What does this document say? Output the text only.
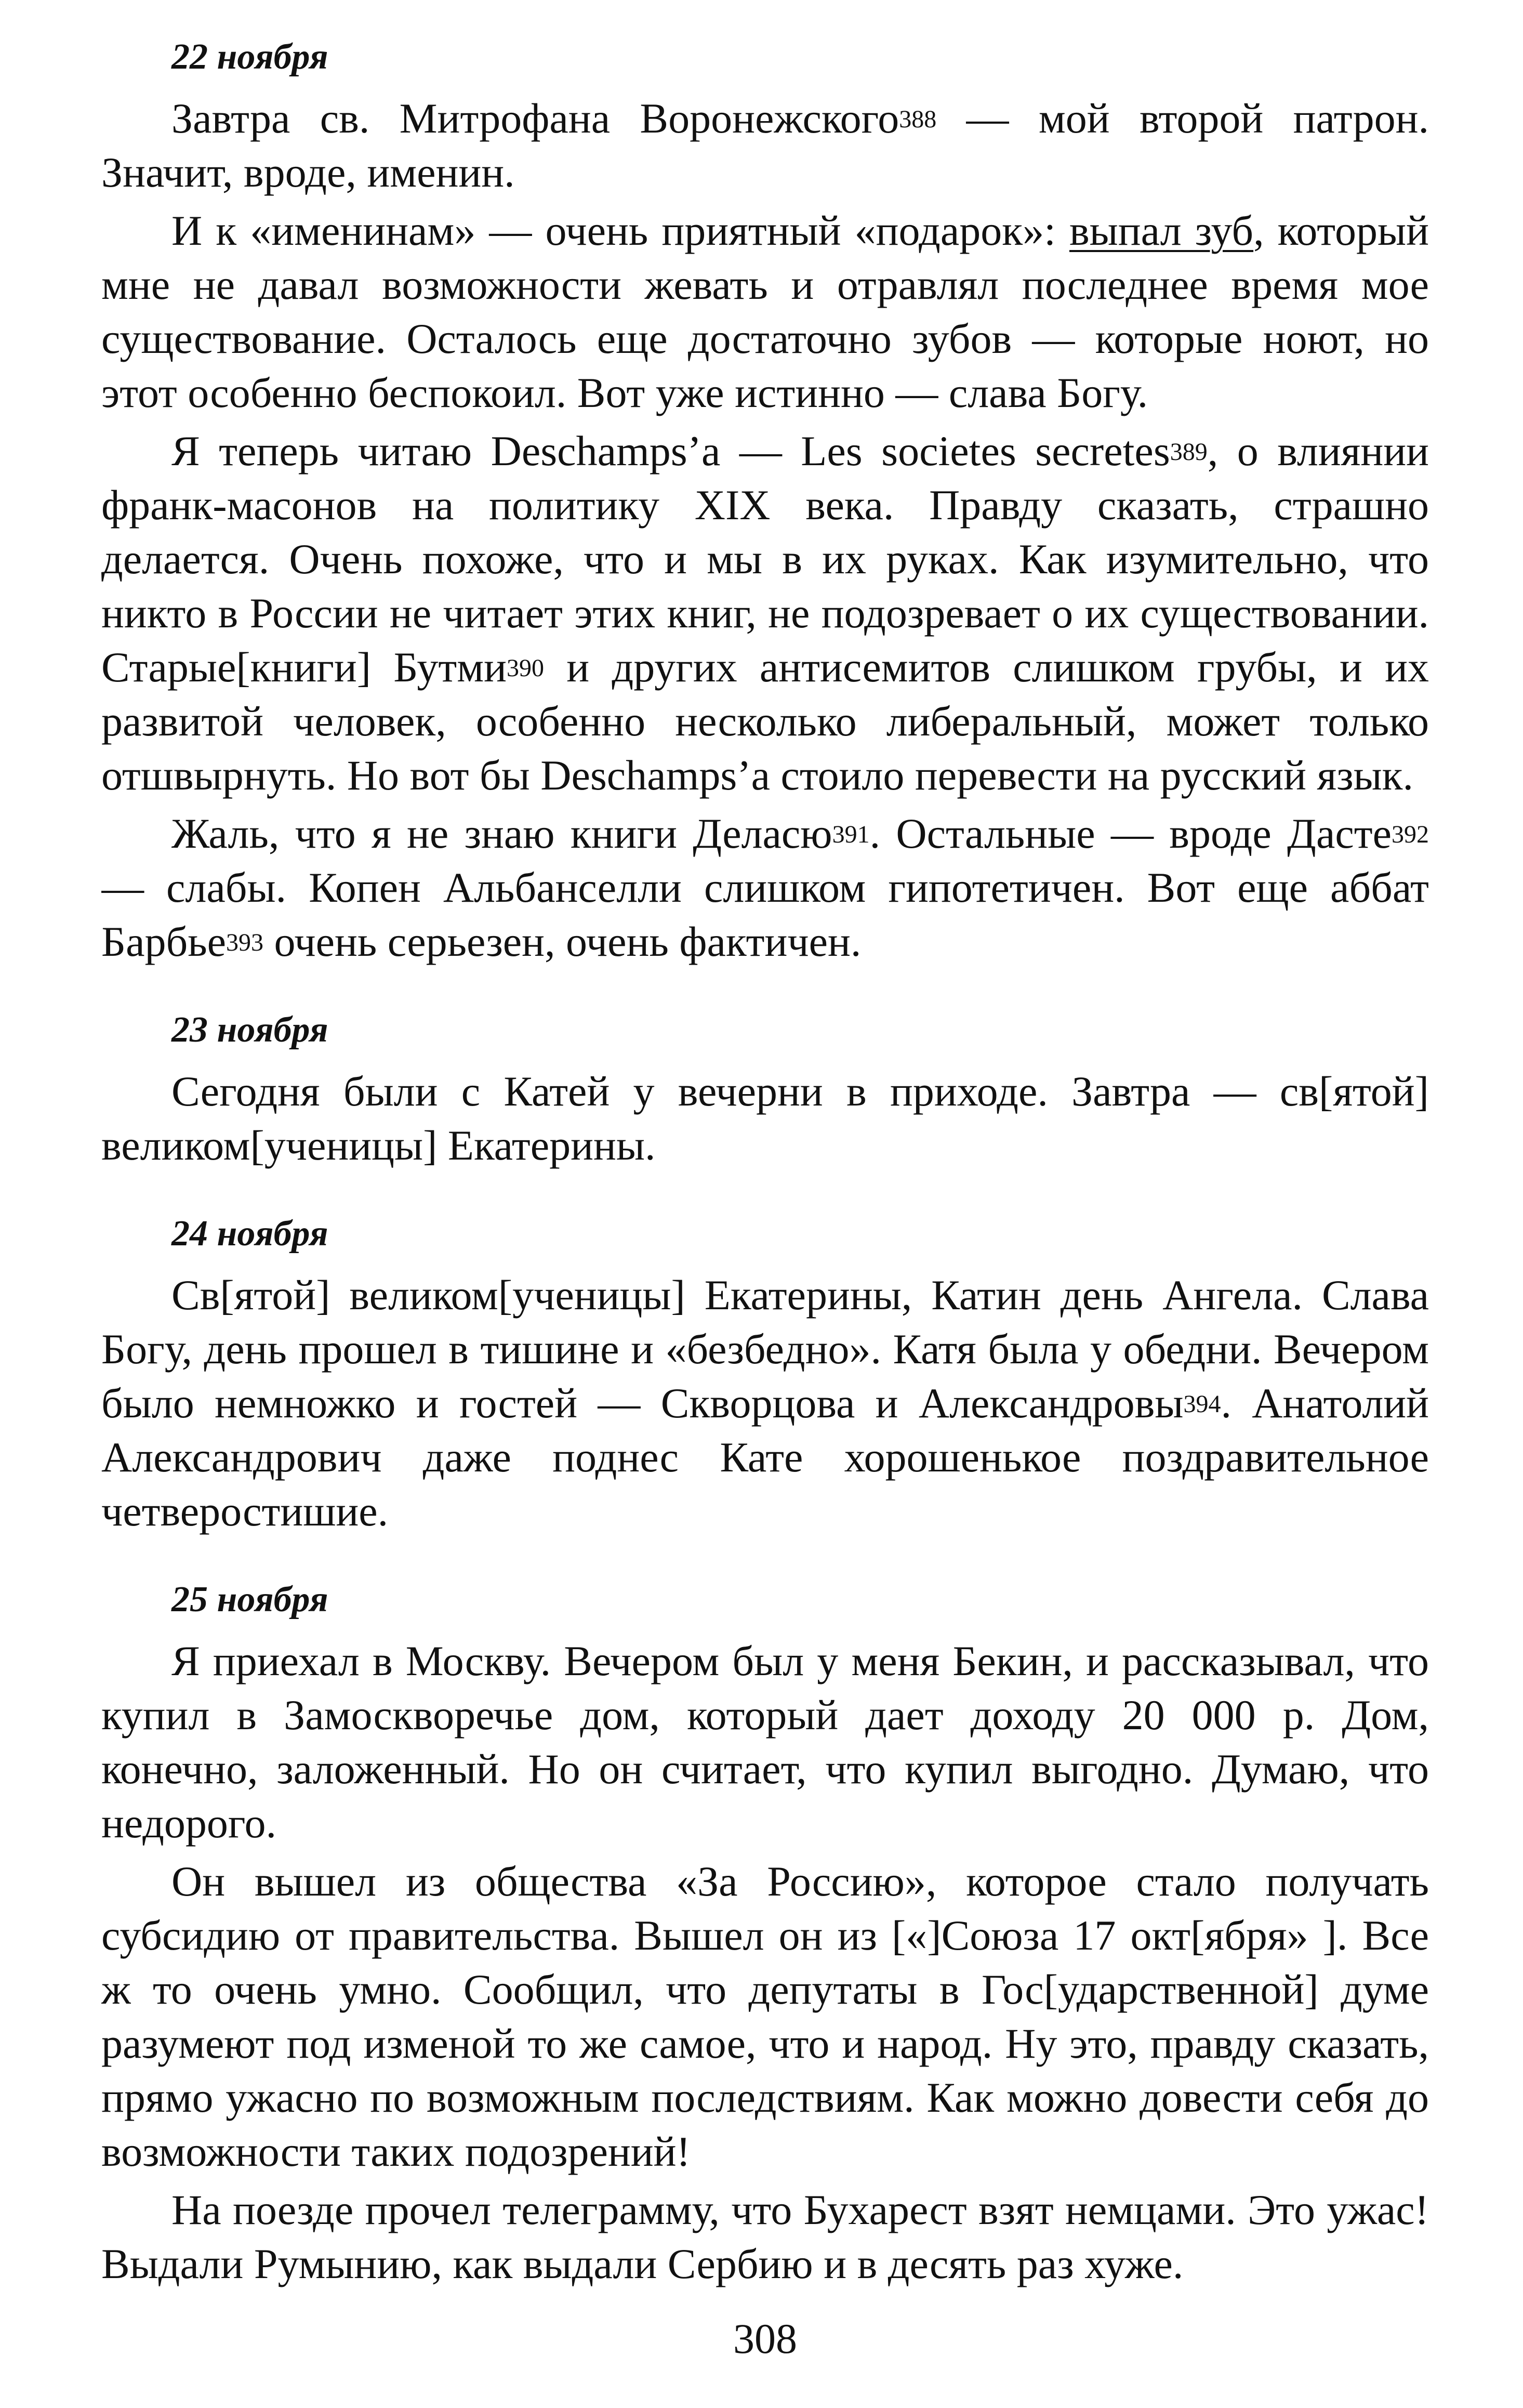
22 ноября

Завтра св. Митрофана Воронежского$^{388}$ — мой второй патрон. Значит, вроде, именин.

И к «именинам» — очень приятный «подарок»: выпал зуб, который мне не давал возможности жевать и отравлял последнее время мое существование. Осталось еще достаточно зубов — которые ноют, но этот особенно беспокоил. Вот уже истинно — слава Богу.

Я теперь читаю Deschamps’a — Les societes secretes$^{389}$, о влиянии франк-масонов на политику XIX века. Правду сказать, страшно делается. Очень похоже, что и мы в их руках. Как изумительно, что никто в России не читает этих книг, не подозревает о их существовании. Старые[книги] Бутми$^{390}$ и других антисемитов слишком грубы, и их развитой человек, особенно несколько либеральный, может только отшвырнуть. Но вот бы Deschamps’a стоило перевести на русский язык.

Жаль, что я не знаю книги Деласю$^{391}$. Остальные — вроде Дасте$^{392}$ — слабы. Копен Альбанселли слишком гипотетичен. Вот еще аббат Барбье$^{393}$ очень серьезен, очень фактичен.

23 ноября

Сегодня были с Катей у вечерни в приходе. Завтра — св[ятой] великом[ученицы] Екатерины.

24 ноября

Св[ятой] великом[ученицы] Екатерины, Катин день Ангела. Слава Богу, день прошел в тишине и «безбедно». Катя была у обедни. Вечером было немножко и гостей — Скворцова и Александровы$^{394}$. Анатолий Александрович даже поднес Кате хорошенькое поздравительное четверостишие.

25 ноября

Я приехал в Москву. Вечером был у меня Бекин, и рассказывал, что купил в Замоскворечье дом, который дает доходу 20 000 р. Дом, конечно, заложенный. Но он считает, что купил выгодно. Думаю, что недорого.

Он вышел из общества «За Россию», которое стало получать субсидию от правительства. Вышел он из [«]Союза 17 окт[ября» ]. Все ж то очень умно. Сообщил, что депутаты в Гос[ударственной] думе разумеют под изменой то же самое, что и народ. Ну это, правду сказать, прямо ужасно по возможным последствиям. Как можно довести себя до возможности таких подозрений!

На поезде прочел телеграмму, что Бухарест взят немцами. Это ужас! Выдали Румынию, как выдали Сербию и в десять раз хуже.

308
